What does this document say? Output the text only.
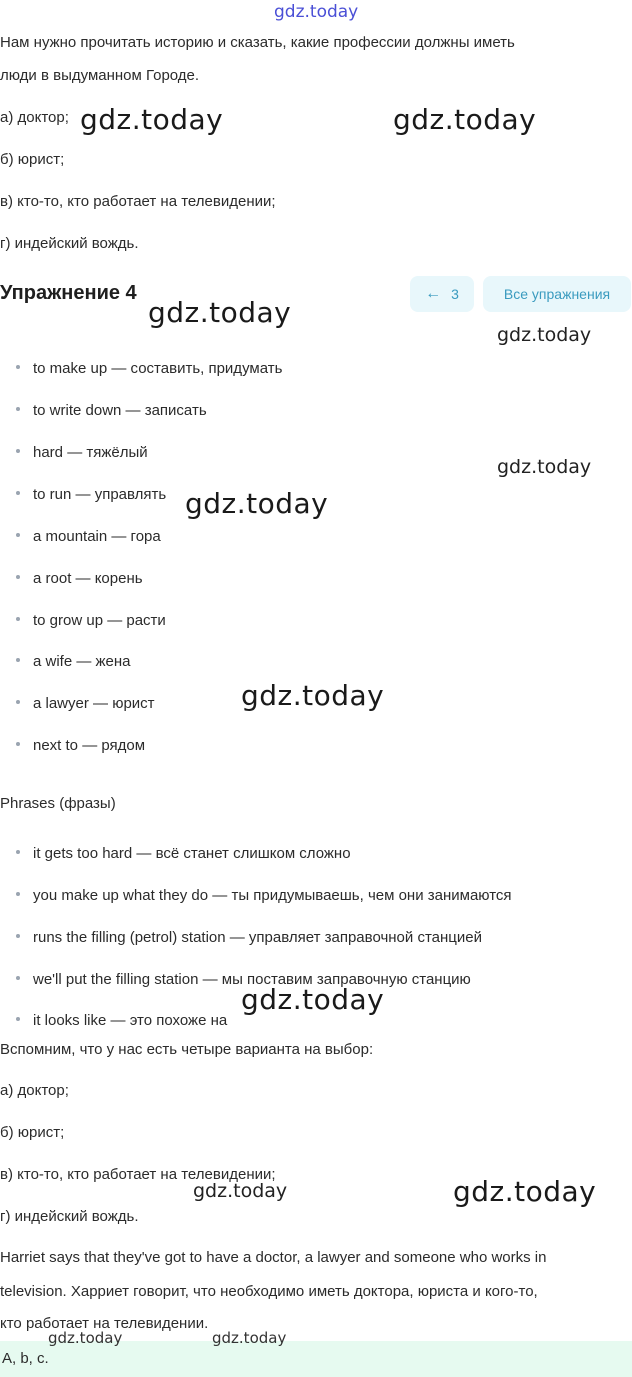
gdz.today
Нам нужно прочитать историю и сказать, какие профессии должны иметь
люди в выдуманном Городе.
а) доктор;
б) юрист;
в) кто-то, кто работает на телевидении;
г) индейский вождь.
gdz.today	gdz.today
Упражнение 4	← 3	Все упражнения
gdz.today
gdz.today
to make up — составить, придумать
to write down — записать
hard — тяжёлый
to run — управлять
a mountain — гора
a root — корень
to grow up — расти
a wife — жена
a lawyer — юрист
next to — рядом
gdz.today
gdz.today
gdz.today
Phrases (фразы)
it gets too hard — всё станет слишком сложно
you make up what they do — ты придумываешь, чем они занимаются
runs the filling (petrol) station — управляет заправочной станцией
we'll put the filling station — мы поставим заправочную станцию
it looks like — это похоже на
gdz.today
Вспомним, что у нас есть четыре варианта на выбор:
а) доктор;
б) юрист;
в) кто-то, кто работает на телевидении;
г) индейский вождь.
gdz.today	gdz.today
Harriet says that they've got to have a doctor, a lawyer and someone who works in
television. Харриет говорит, что необходимо иметь доктора, юриста и кого-то,
кто работает на телевидении.
A, b, c.
gdz.today	gdz.today
